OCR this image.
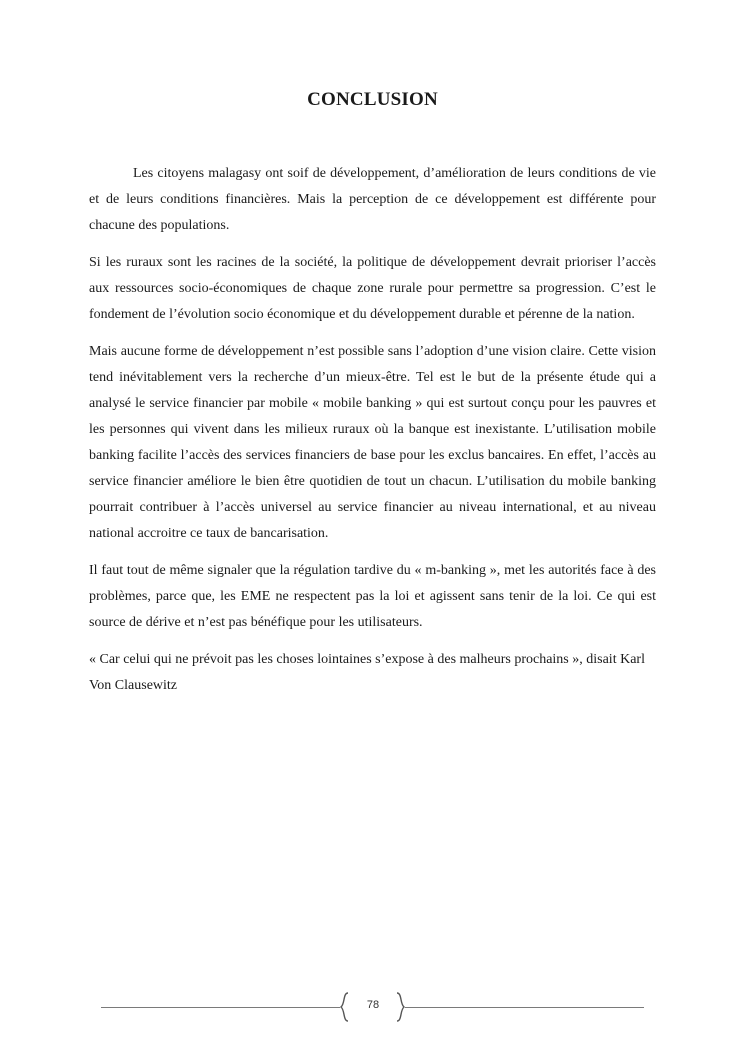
CONCLUSION

Les citoyens malagasy ont soif de développement, d’amélioration de leurs conditions de vie et de leurs conditions financières. Mais la perception de ce développement est différente pour chacune des populations.

Si les ruraux sont les racines de la société, la politique de développement devrait prioriser l’accès aux ressources socio-économiques de chaque zone rurale pour permettre sa progression. C’est le fondement de l’évolution socio économique et du développement durable et pérenne de la nation.

Mais aucune forme de développement n’est possible sans l’adoption d’une vision claire. Cette vision tend inévitablement vers la recherche d’un mieux-être. Tel est le but de la présente étude qui a analysé le service financier par mobile « mobile banking » qui est surtout conçu pour les pauvres et les personnes qui vivent dans les milieux ruraux où la banque est inexistante. L’utilisation mobile banking facilite l’accès des services financiers de base pour les exclus bancaires. En effet, l’accès au service financier améliore le bien être quotidien de tout un chacun. L’utilisation du mobile banking pourrait contribuer à l’accès universel au service financier au niveau international, et au niveau national accroitre ce taux de bancarisation.

Il faut tout de même signaler que la régulation tardive du « m-banking », met les autorités face à des problèmes, parce que, les EME ne respectent pas la loi et agissent sans tenir de la loi. Ce qui est source de dérive et n’est pas bénéfique pour les utilisateurs.

« Car celui qui ne prévoit pas les choses lointaines s’expose à des malheurs prochains », disait Karl Von Clausewitz

78
